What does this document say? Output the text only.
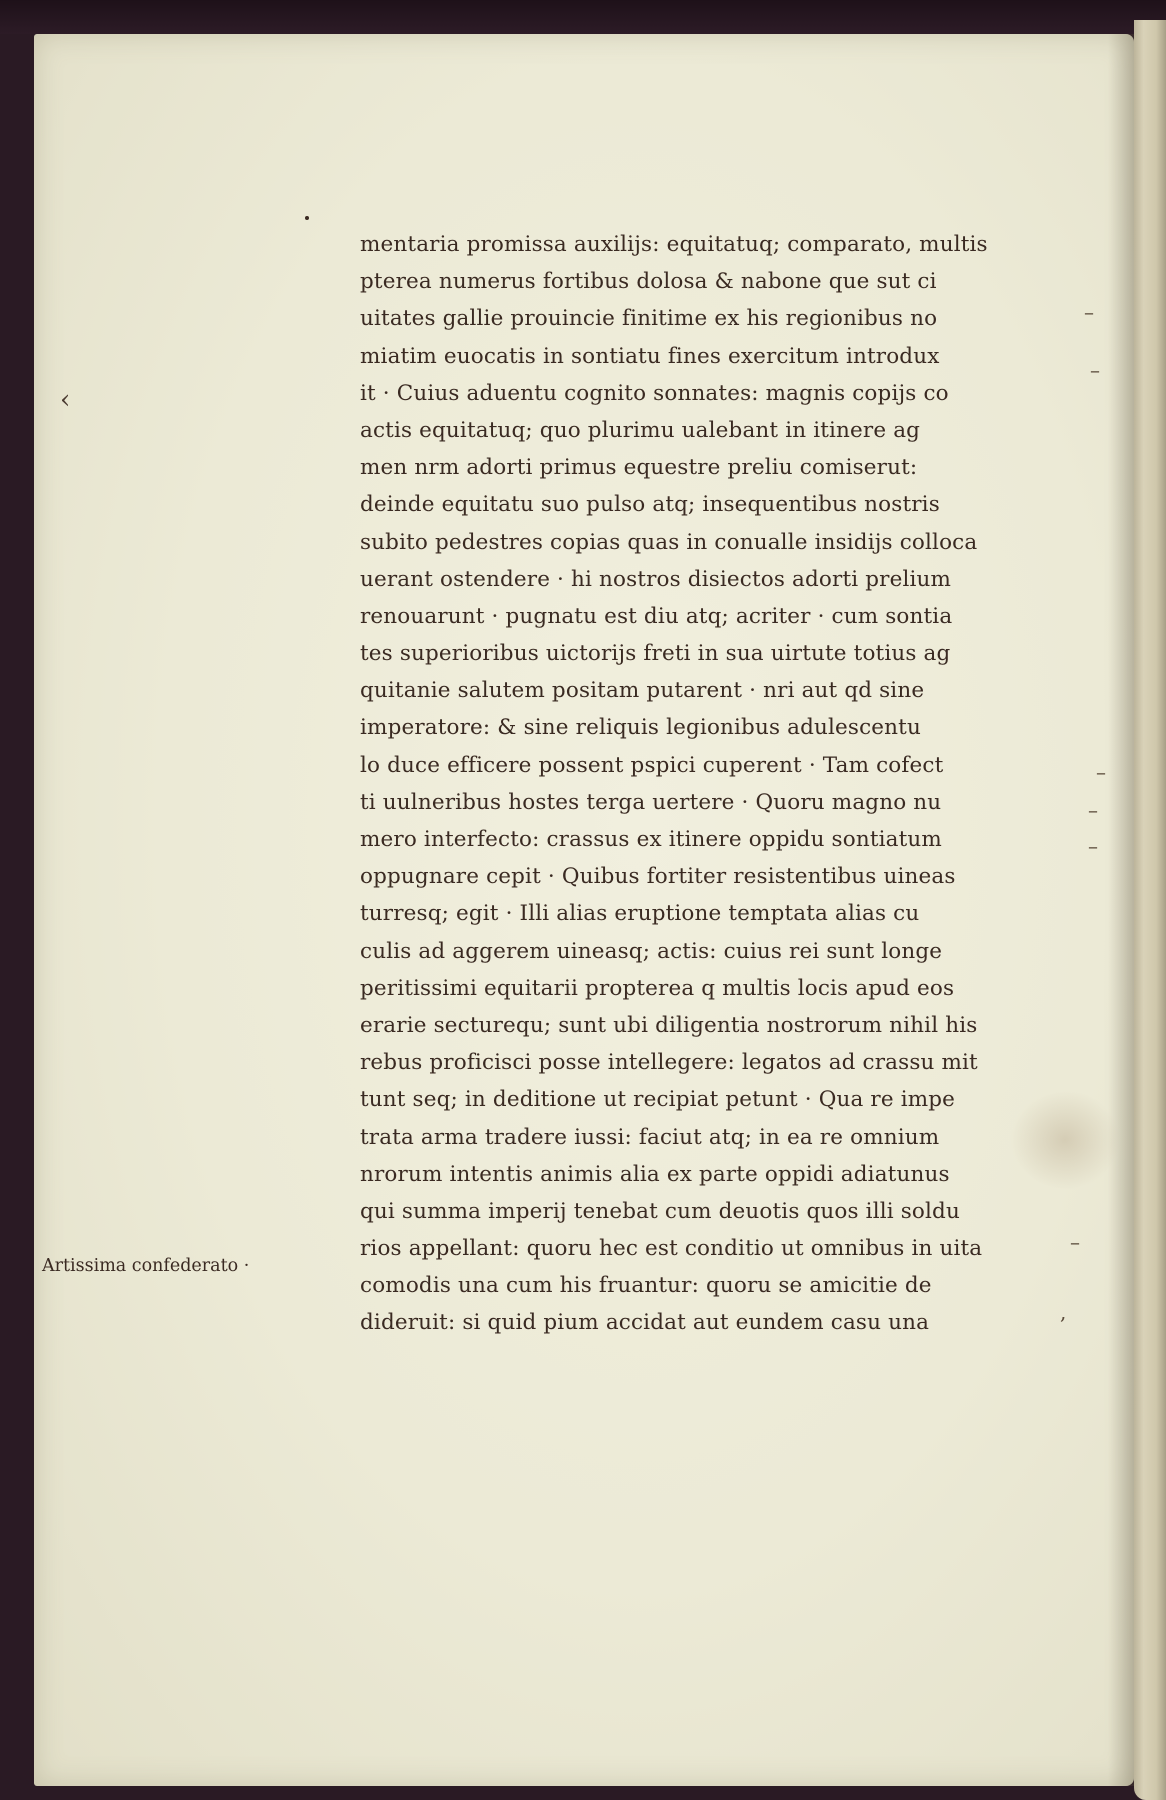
‹
mentaria promissa auxilijs: equitatuq; comparato, multis
pterea numerus fortibus dolosa & nabone que sut ci
uitates gallie prouincie finitime ex his regionibus no
miatim euocatis in sontiatu fines exercitum introdux
it · Cuius aduentu cognito sonnates: magnis copijs co
actis equitatuq; quo plurimu ualebant in itinere ag
men nrm adorti primus equestre preliu comiserut:
deinde equitatu suo pulso atq; insequentibus nostris
subito pedestres copias quas in conualle insidijs colloca
uerant ostendere · hi nostros disiectos adorti prelium
renouarunt · pugnatu est diu atq; acriter · cum sontia
tes superioribus uictorijs freti in sua uirtute totius ag
quitanie salutem positam putarent · nri aut qd sine
imperatore: & sine reliquis legionibus adulescentu
lo duce efficere possent pspici cuperent · Tam cofect
ti uulneribus hostes terga uertere · Quoru magno nu
mero interfecto: crassus ex itinere oppidu sontiatum
oppugnare cepit · Quibus fortiter resistentibus uineas
turresq; egit · Illi alias eruptione temptata alias cu
culis ad aggerem uineasq; actis: cuius rei sunt longe
peritissimi equitarii propterea q multis locis apud eos
erarie secturequ; sunt ubi diligentia nostrorum nihil his
rebus proficisci posse intellegere: legatos ad crassu mit
tunt seq; in deditione ut recipiat petunt · Qua re impe
trata arma tradere iussi: faciut atq; in ea re omnium
nrorum intentis animis alia ex parte oppidi adiatunus
qui summa imperij tenebat cum deuotis quos illi soldu
rios appellant: quoru hec est conditio ut omnibus in uita
comodis una cum his fruantur: quoru se amicitie de
dideruit: si quid pium accidat aut eundem casu una
–
–
–
–
–
–
,
Artissima confederato ·
